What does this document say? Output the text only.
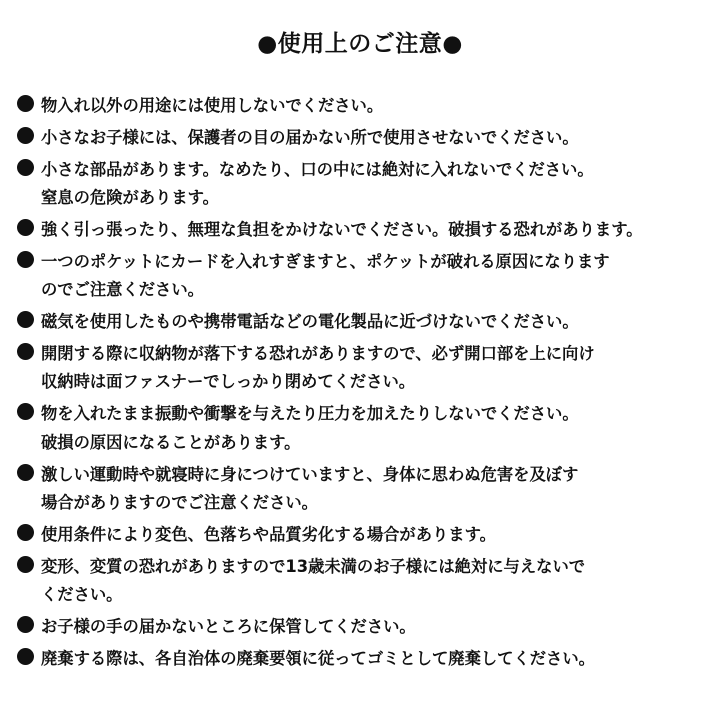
●使用上のご注意●
物入れ以外の用途には使用しないでください。
小さなお子様には、保護者の目の届かない所で使用させないでください。
小さな部品があります。なめたり、口の中には絶対に入れないでください。
窒息の危険があります。
強く引っ張ったり、無理な負担をかけないでください。破損する恐れがあります。
一つのポケットにカードを入れすぎますと、ポケットが破れる原因になります
のでご注意ください。
磁気を使用したものや携帯電話などの電化製品に近づけないでください。
開閉する際に収納物が落下する恐れがありますので、必ず開口部を上に向け
収納時は面ファスナーでしっかり閉めてください。
物を入れたまま振動や衝撃を与えたり圧力を加えたりしないでください。
破損の原因になることがあります。
激しい運動時や就寝時に身につけていますと、身体に思わぬ危害を及ぼす
場合がありますのでご注意ください。
使用条件により変色、色落ちや品質劣化する場合があります。
変形、変質の恐れがありますので13歳未満のお子様には絶対に与えないで
ください。
お子様の手の届かないところに保管してください。
廃棄する際は、各自治体の廃棄要領に従ってゴミとして廃棄してください。
